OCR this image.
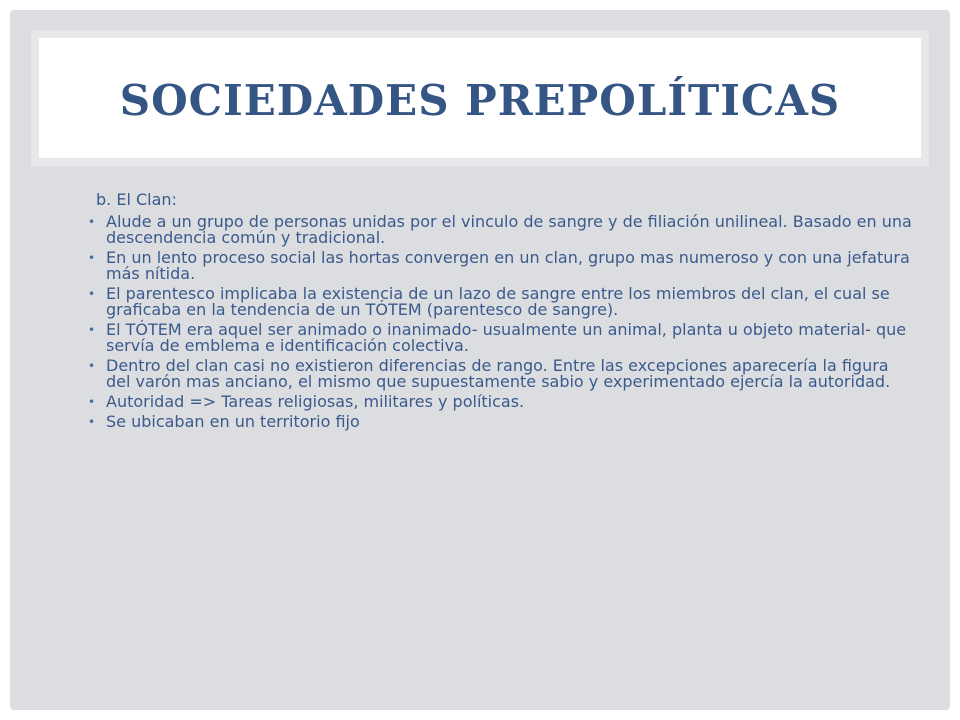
SOCIEDADES PREPOLÍTICAS

b. El Clan:

• Alude a un grupo de personas unidas por el vinculo de sangre y de filiación unilineal. Basado en una descendencia común y tradicional.
• En un lento proceso social las hortas convergen en un clan, grupo mas numeroso y con una jefatura más nítida.
• El parentesco implicaba la existencia de un lazo de sangre entre los miembros del clan, el cual se graficaba en la tendencia de un TÓTEM (parentesco de sangre).
• El TÓTEM era aquel ser animado o inanimado- usualmente un animal, planta u objeto material- que servía de emblema e identificación colectiva.
• Dentro del clan casi no existieron diferencias de rango. Entre las excepciones aparecería la figura del varón mas anciano, el mismo que supuestamente sabio y experimentado ejercía la autoridad.
• Autoridad => Tareas religiosas, militares y políticas.
• Se ubicaban en un territorio fijo
